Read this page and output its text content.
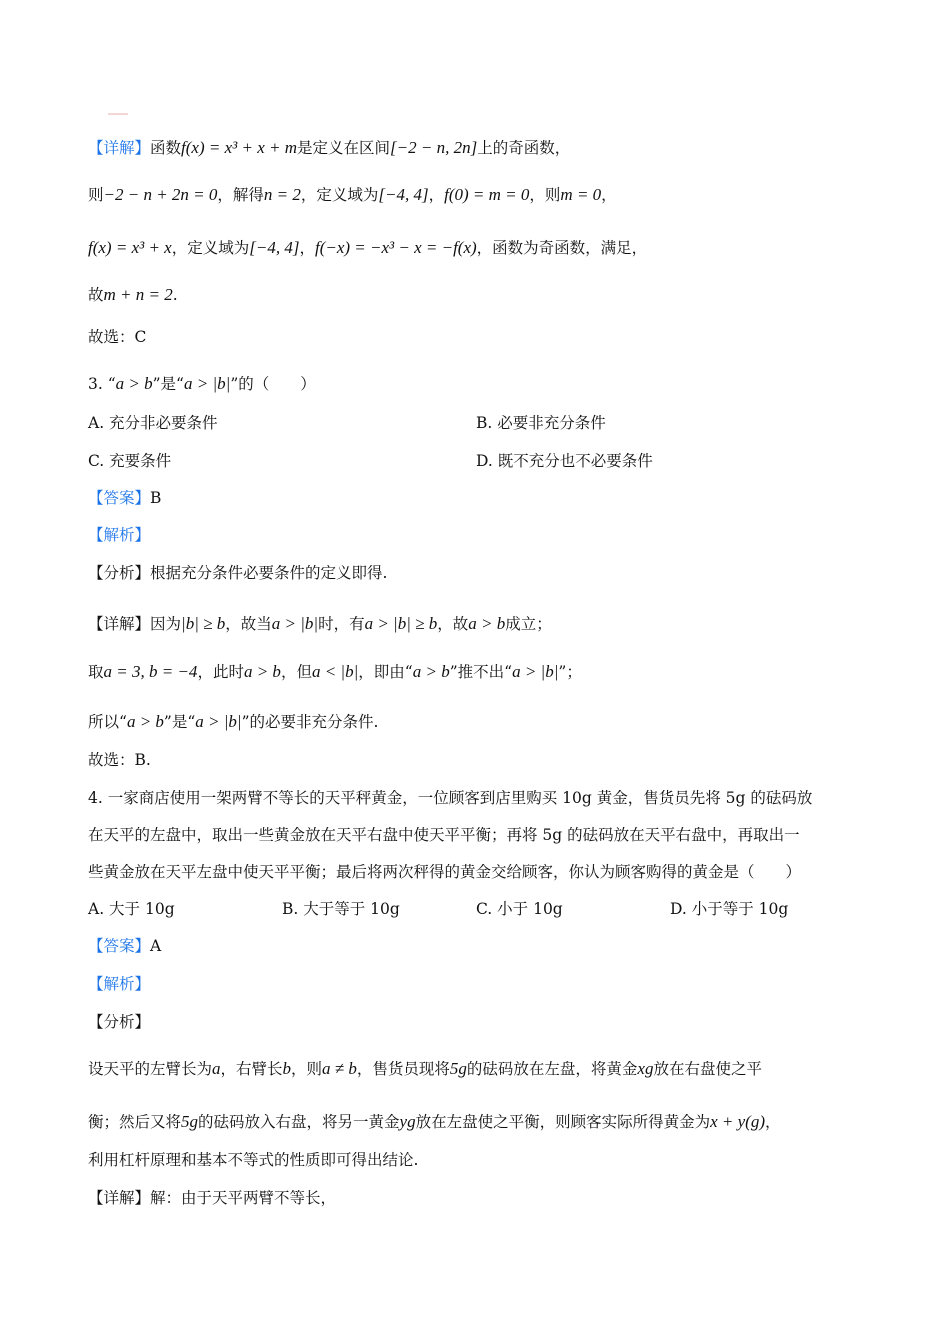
【详解】函数f(x) = x³ + x + m是定义在区间[−2 − n, 2n]上的奇函数，
则−2 − n + 2n = 0，解得n = 2，定义域为[−4, 4]，f(0) = m = 0，则m = 0，
f(x) = x³ + x，定义域为[−4, 4]，f(−x) = −x³ − x = −f(x)，函数为奇函数，满足，
故m + n = 2.
故选：C
3. “a > b”是“a > |b|”的（　　）
A. 充分非必要条件	B. 必要非充分条件
C. 充要条件	D. 既不充分也不必要条件
【答案】B
【解析】
【分析】根据充分条件必要条件的定义即得.
【详解】因为|b| ≥ b，故当a > |b|时，有a > |b| ≥ b，故a > b成立；
取a = 3, b = −4，此时a > b，但a < |b|，即由“a > b”推不出“a > |b|”；
所以“a > b”是“a > |b|”的必要非充分条件.
故选：B.
4. 一家商店使用一架两臂不等长的天平秤黄金，一位顾客到店里购买 10g 黄金，售货员先将 5g 的砝码放
在天平的左盘中，取出一些黄金放在天平右盘中使天平平衡；再将 5g 的砝码放在天平右盘中，再取出一
些黄金放在天平左盘中使天平平衡；最后将两次秤得的黄金交给顾客，你认为顾客购得的黄金是（　　）
A. 大于 10g	B. 大于等于 10g	C. 小于 10g	D. 小于等于 10g
【答案】A
【解析】
【分析】
设天平的左臂长为a，右臂长b，则a ≠ b，售货员现将5g的砝码放在左盘，将黄金xg放在右盘使之平
衡；然后又将5g的砝码放入右盘，将另一黄金yg放在左盘使之平衡，则顾客实际所得黄金为x + y(g)，
利用杠杆原理和基本不等式的性质即可得出结论.
【详解】解：由于天平两臂不等长，
